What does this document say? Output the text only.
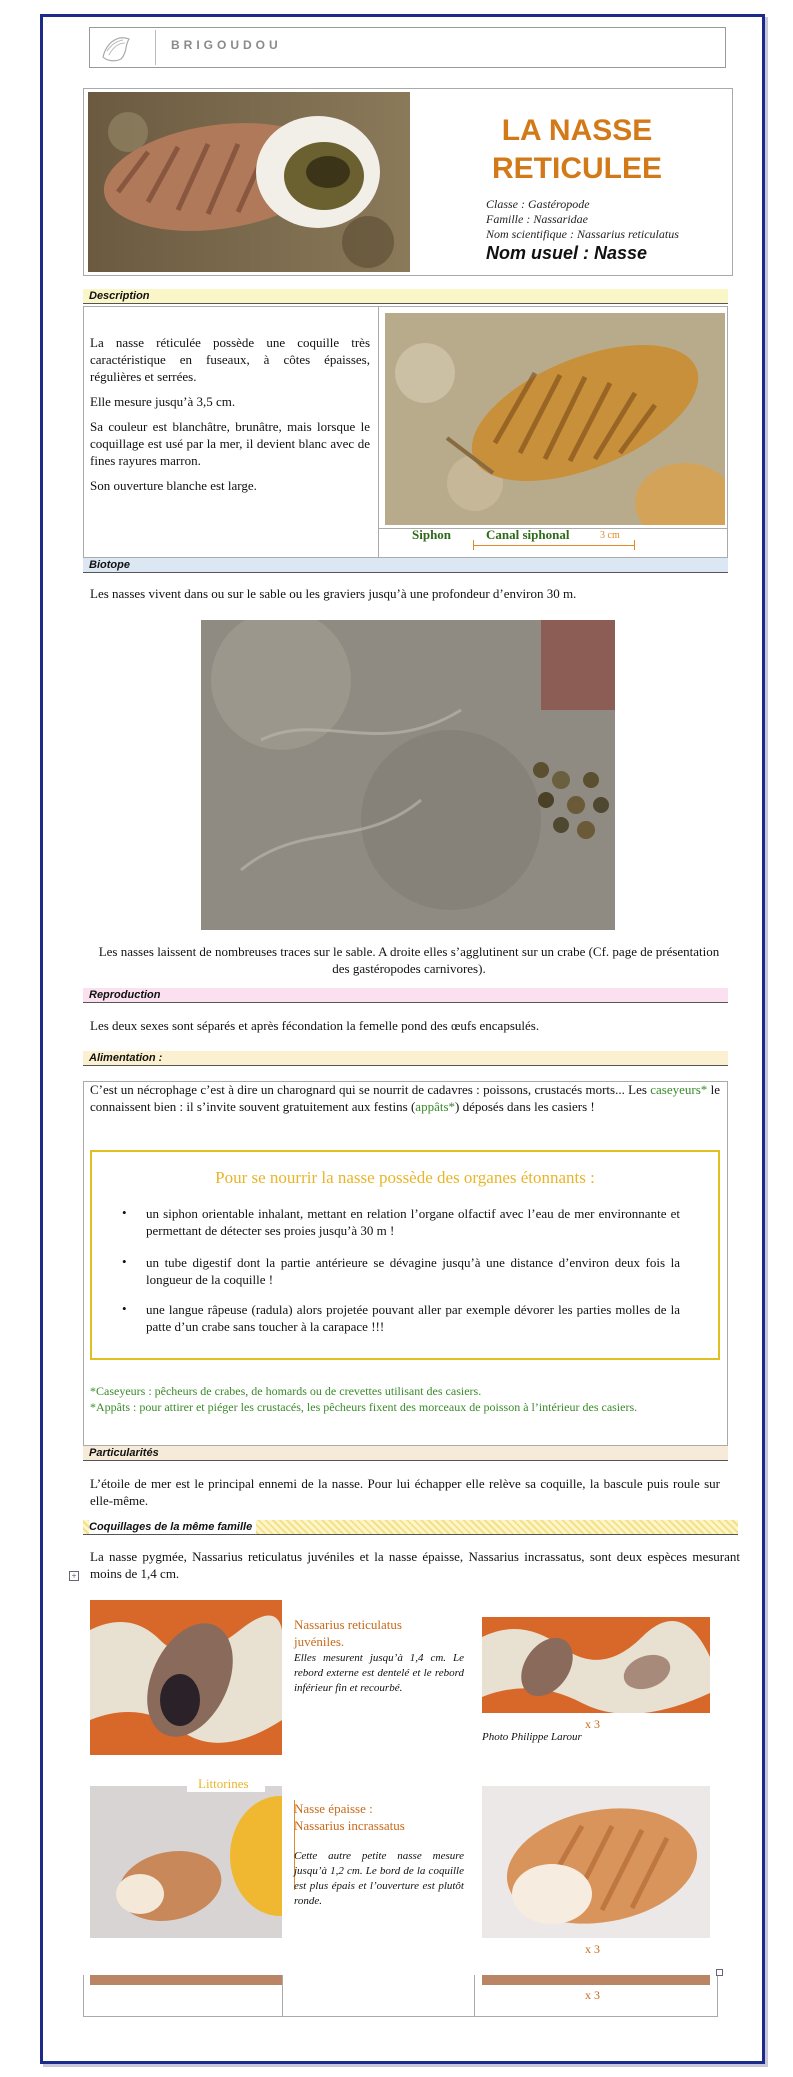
BRIGOUDOU
LA NASSE
RETICULEE
Classe : Gastéropode
Famille : Nassaridae
Nom scientifique : Nassarius reticulatus
Nom usuel : Nasse
Description

La nasse réticulée possède une coquille très caractéristique en fuseaux, à côtes épaisses, régulières et serrées.

Elle mesure jusqu’à 3,5 cm.

Sa couleur est blanchâtre, brunâtre, mais lorsque le coquillage est usé par la mer, il devient blanc avec de fines rayures marron.

Son ouverture blanche est large.

Siphon	Canal siphonal	3 cm
Biotope
Les nasses vivent dans ou sur le sable ou les graviers jusqu’à une profondeur d’environ 30 m.
Les nasses laissent de nombreuses traces sur le sable. A droite elles s’agglutinent sur un crabe (Cf. page de présentation des gastéropodes carnivores).
Reproduction
Les deux sexes sont séparés et après fécondation la femelle pond des œufs encapsulés.
Alimentation :
C’est un nécrophage c’est à dire un charognard qui se nourrit de cadavres : poissons, crustacés morts... Les caseyeurs* le connaissent bien : il s’invite souvent gratuitement aux festins (appâts*) déposés dans les casiers !
Pour se nourrir la nasse possède des organes étonnants :
• un siphon orientable inhalant, mettant en relation l’organe olfactif avec l’eau de mer environnante et permettant de détecter ses proies jusqu’à 30 m !
• un tube digestif dont la partie antérieure se dévagine jusqu’à une distance d’environ deux fois la longueur de la coquille !
• une langue râpeuse (radula) alors projetée pouvant aller par exemple dévorer les parties molles de la patte d’un crabe sans toucher à la carapace !!!
*Caseyeurs : pêcheurs de crabes, de homards ou de crevettes utilisant des casiers.
*Appâts : pour attirer et piéger les crustacés, les pêcheurs fixent des morceaux de poisson à l’intérieur des casiers.
Particularités
L’étoile de mer est le principal ennemi de la nasse. Pour lui échapper elle relève sa coquille, la bascule puis roule sur elle-même.
Coquillages de la même famille
La nasse pygmée, Nassarius reticulatus juvéniles et la nasse épaisse, Nassarius incrassatus, sont deux espèces mesurant moins de 1,4 cm.
+
Nassarius reticulatus juvéniles.
Elles mesurent jusqu’à 1,4 cm. Le rebord externe est dentelé et le rebord inférieur fin et recourbé.
x 3
Photo Philippe Larour
Littorines
Nasse épaisse :
Nassarius incrassatus
Cette autre petite nasse mesure jusqu’à 1,2 cm. Le bord de la coquille est plus épais et l’ouverture est plutôt ronde.
x 3
x 3
